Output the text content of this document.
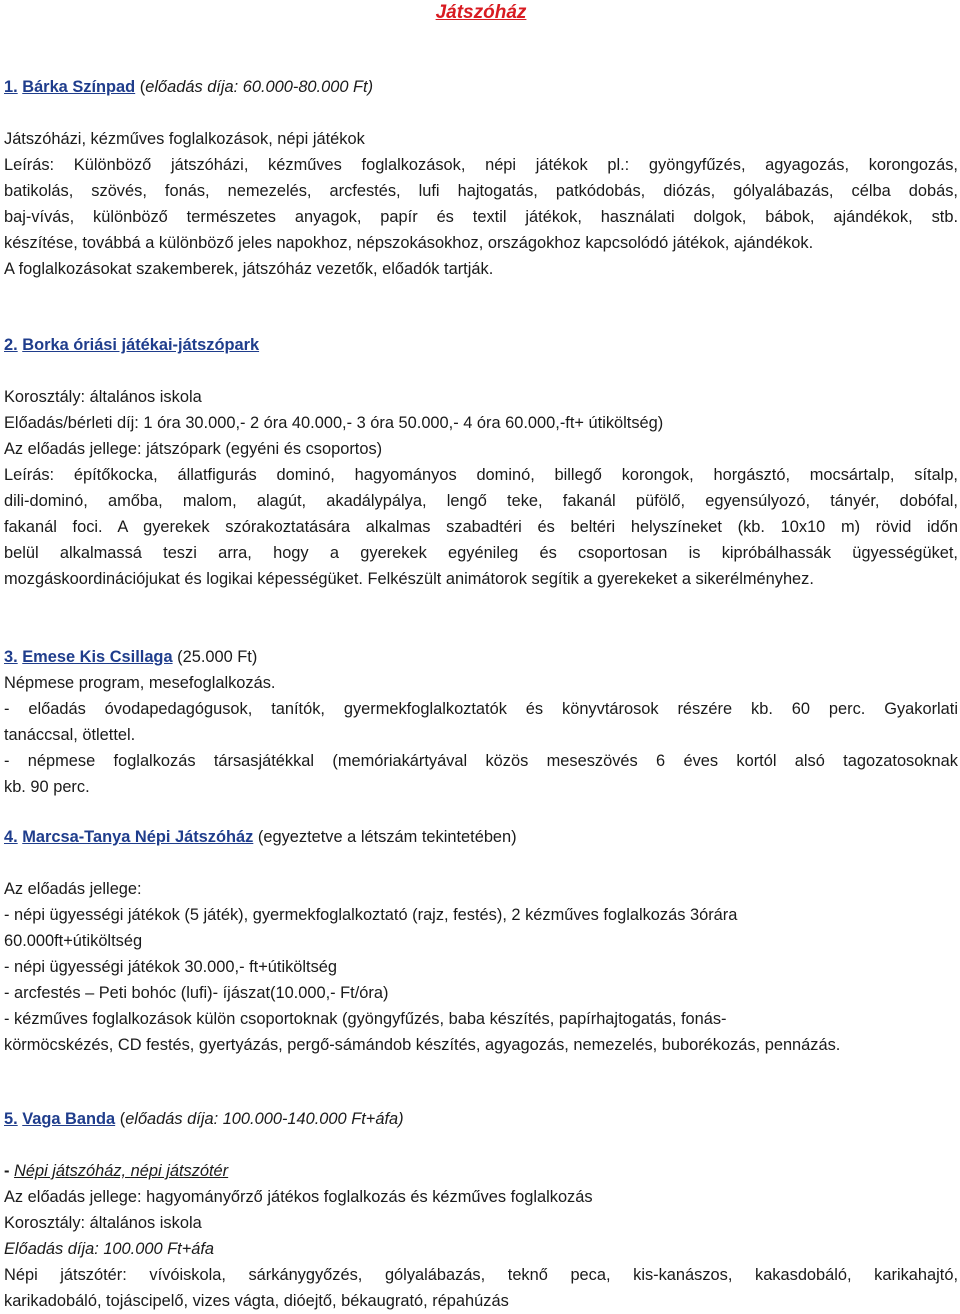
Játszóház
1. Bárka Színpad (előadás díja: 60.000-80.000 Ft)
Játszóházi, kézműves foglalkozások, népi játékok
Leírás: Különböző játszóházi, kézműves foglalkozások, népi játékok pl.: gyöngyfűzés, agyagozás, korongozás,
batikolás, szövés, fonás, nemezelés, arcfestés, lufi hajtogatás, patkódobás, diózás, gólyalábazás, célba dobás,
baj-vívás, különböző természetes anyagok, papír és textil játékok, használati dolgok, bábok, ajándékok, stb.
készítése, továbbá a különböző jeles napokhoz, népszokásokhoz, országokhoz kapcsolódó játékok, ajándékok.
A foglalkozásokat szakemberek, játszóház vezetők, előadók tartják.
2. Borka óriási játékai-játszópark
Korosztály: általános iskola
Előadás/bérleti díj: 1 óra 30.000,- 2 óra 40.000,- 3 óra 50.000,- 4 óra 60.000,-ft+ útiköltség)
Az előadás jellege: játszópark (egyéni és csoportos)
Leírás: építőkocka, állatfigurás dominó, hagyományos dominó, billegő korongok, horgásztó, mocsártalp, sítalp,
dili-dominó, amőba, malom, alagút, akadálypálya, lengő teke, fakanál püfölő, egyensúlyozó, tányér, dobófal,
fakanál foci. A gyerekek szórakoztatására alkalmas szabadtéri és beltéri helyszíneket (kb. 10x10 m) rövid időn
belül alkalmassá teszi arra, hogy a gyerekek egyénileg és csoportosan is kipróbálhassák ügyességüket,
mozgáskoordinációjukat és logikai képességüket. Felkészült animátorok segítik a gyerekeket a sikerélményhez.
3. Emese Kis Csillaga (25.000 Ft)
Népmese program, mesefoglalkozás.
- előadás óvodapedagógusok, tanítók, gyermekfoglalkoztatók és könyvtárosok részére kb. 60 perc. Gyakorlati
tanáccsal, ötlettel.
- népmese foglalkozás társasjátékkal (memóriakártyával közös meseszövés 6 éves kortól alsó tagozatosoknak
kb. 90 perc.
4. Marcsa-Tanya Népi Játszóház (egyeztetve a létszám tekintetében)
Az előadás jellege:
- népi ügyességi játékok (5 játék), gyermekfoglalkoztató (rajz, festés), 2 kézműves foglalkozás 3órára
60.000ft+útiköltség
- népi ügyességi játékok 30.000,- ft+útiköltség
- arcfestés – Peti bohóc (lufi)- íjászat(10.000,- Ft/óra)
- kézműves foglalkozások külön csoportoknak (gyöngyfűzés, baba készítés, papírhajtogatás, fonás-
körmöcskézés, CD festés, gyertyázás, pergő-sámándob készítés, agyagozás, nemezelés, buborékozás, pennázás.
5. Vaga Banda (előadás díja: 100.000-140.000 Ft+áfa)
- Népi játszóház, népi játszótér
Az előadás jellege: hagyományőrző játékos foglalkozás és kézműves foglalkozás
Korosztály: általános iskola
Előadás díja: 100.000 Ft+áfa
Népi játszótér: vívóiskola, sárkánygyőzés, gólyalábazás, teknő peca, kis-kanászos, kakasdobáló, karikahajtó,
karikadobáló, tojáscipelő, vizes vágta, dióejtő, békaugrató, répahúzás
